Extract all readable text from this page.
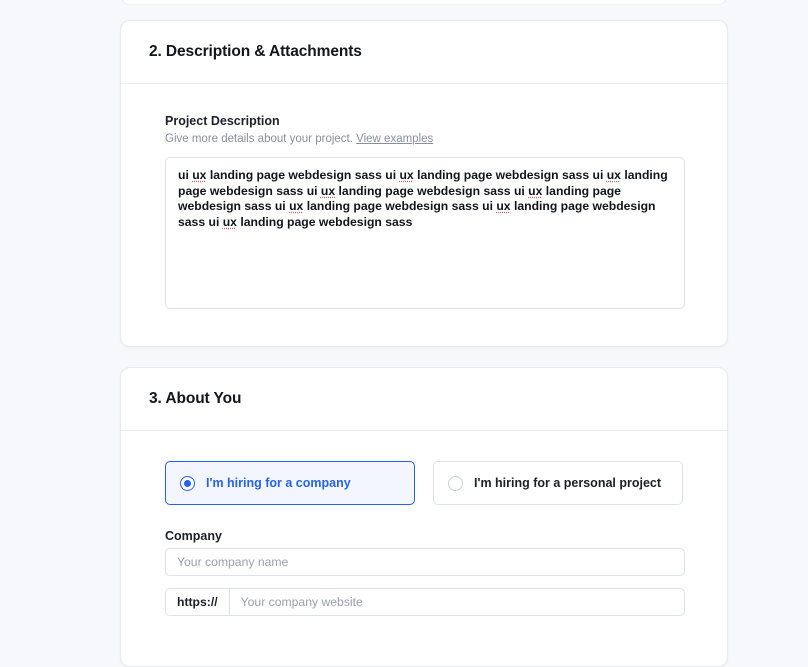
2. Description & Attachments
Project Description
Give more details about your project. View examples
ui ux landing page webdesign sass ui ux landing page webdesign sass ui ux landing page webdesign sass ui ux landing page webdesign sass ui ux landing page webdesign sass ui ux landing page webdesign sass ui ux landing page webdesign sass ui ux landing page webdesign sass
3. About You
I'm hiring for a company	I'm hiring for a personal project
Company
Your company name
https://	Your company website
